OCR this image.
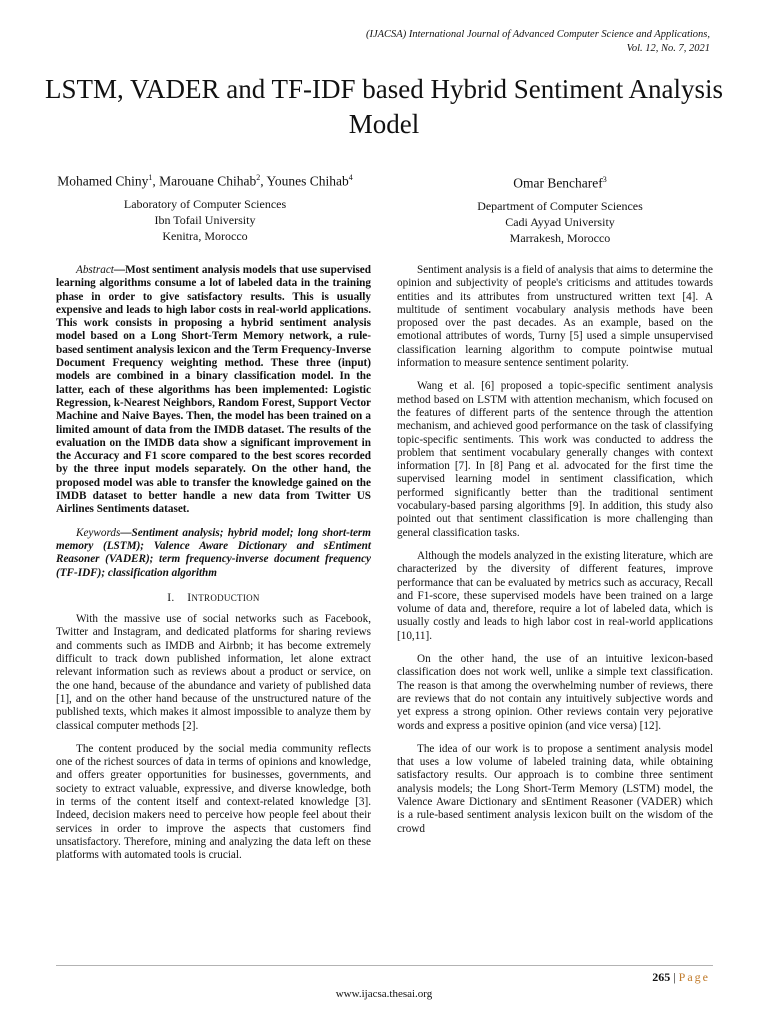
(IJACSA) International Journal of Advanced Computer Science and Applications,
Vol. 12, No. 7, 2021
LSTM, VADER and TF-IDF based Hybrid Sentiment Analysis Model
Mohamed Chiny$^1$, Marouane Chihab$^2$, Younes Chihab$^4$
Laboratory of Computer Sciences
Ibn Tofail University
Kenitra, Morocco
Omar Bencharef$^3$
Department of Computer Sciences
Cadi Ayyad University
Marrakesh, Morocco

Abstract—Most sentiment analysis models that use supervised learning algorithms consume a lot of labeled data in the training phase in order to give satisfactory results. This is usually expensive and leads to high labor costs in real-world applications. This work consists in proposing a hybrid sentiment analysis model based on a Long Short-Term Memory network, a rule-based sentiment analysis lexicon and the Term Frequency-Inverse Document Frequency weighting method. These three (input) models are combined in a binary classification model. In the latter, each of these algorithms has been implemented: Logistic Regression, k-Nearest Neighbors, Random Forest, Support Vector Machine and Naive Bayes. Then, the model has been trained on a limited amount of data from the IMDB dataset. The results of the evaluation on the IMDB data show a significant improvement in the Accuracy and F1 score compared to the best scores recorded by the three input models separately. On the other hand, the proposed model was able to transfer the knowledge gained on the IMDB dataset to better handle a new data from Twitter US Airlines Sentiments dataset.

Keywords—Sentiment analysis; hybrid model; long short-term memory (LSTM); Valence Aware Dictionary and sEntiment Reasoner (VADER); term frequency-inverse document frequency (TF-IDF); classification algorithm

I. INTRODUCTION

With the massive use of social networks such as Facebook, Twitter and Instagram, and dedicated platforms for sharing reviews and comments such as IMDB and Airbnb; it has become extremely difficult to track down published information, let alone extract relevant information such as reviews about a product or service, on the one hand, because of the abundance and variety of published data [1], and on the other hand because of the unstructured nature of the published texts, which makes it almost impossible to analyze them by classical computer methods [2].

The content produced by the social media community reflects one of the richest sources of data in terms of opinions and knowledge, and offers greater opportunities for businesses, governments, and society to extract valuable, expressive, and diverse knowledge, both in terms of the content itself and context-related knowledge [3]. Indeed, decision makers need to perceive how people feel about their services in order to improve the aspects that customers find unsatisfactory. Therefore, mining and analyzing the data left on these platforms with automated tools is crucial.

Sentiment analysis is a field of analysis that aims to determine the opinion and subjectivity of people's criticisms and attitudes towards entities and its attributes from unstructured written text [4]. A multitude of sentiment vocabulary analysis methods have been proposed over the past decades. As an example, based on the emotional attributes of words, Turny [5] used a simple unsupervised classification learning algorithm to compute pointwise mutual information to measure sentence sentiment polarity.

Wang et al. [6] proposed a topic-specific sentiment analysis method based on LSTM with attention mechanism, which focused on the features of different parts of the sentence through the attention mechanism, and achieved good performance on the task of classifying topic-specific sentiments. This work was conducted to address the problem that sentiment vocabulary generally changes with context information [7]. In [8] Pang et al. advocated for the first time the supervised learning model in sentiment classification, which performed significantly better than the traditional sentiment vocabulary-based parsing algorithms [9]. In addition, this study also pointed out that sentiment classification is more challenging than general classification tasks.

Although the models analyzed in the existing literature, which are characterized by the diversity of different features, improve performance that can be evaluated by metrics such as accuracy, Recall and F1-score, these supervised models have been trained on a large volume of data and, therefore, require a lot of labeled data, which is usually costly and leads to high labor cost in real-world applications [10,11].

On the other hand, the use of an intuitive lexicon-based classification does not work well, unlike a simple text classification. The reason is that among the overwhelming number of reviews, there are reviews that do not contain any intuitively subjective words and yet express a strong opinion. Other reviews contain very pejorative words and express a positive opinion (and vice versa) [12].

The idea of our work is to propose a sentiment analysis model that uses a low volume of labeled training data, while obtaining satisfactory results. Our approach is to combine three sentiment analysis models; the Long Short-Term Memory (LSTM) model, the Valence Aware Dictionary and sEntiment Reasoner (VADER) which is a rule-based sentiment analysis lexicon built on the wisdom of the crowd

265 | Page
www.ijacsa.thesai.org
